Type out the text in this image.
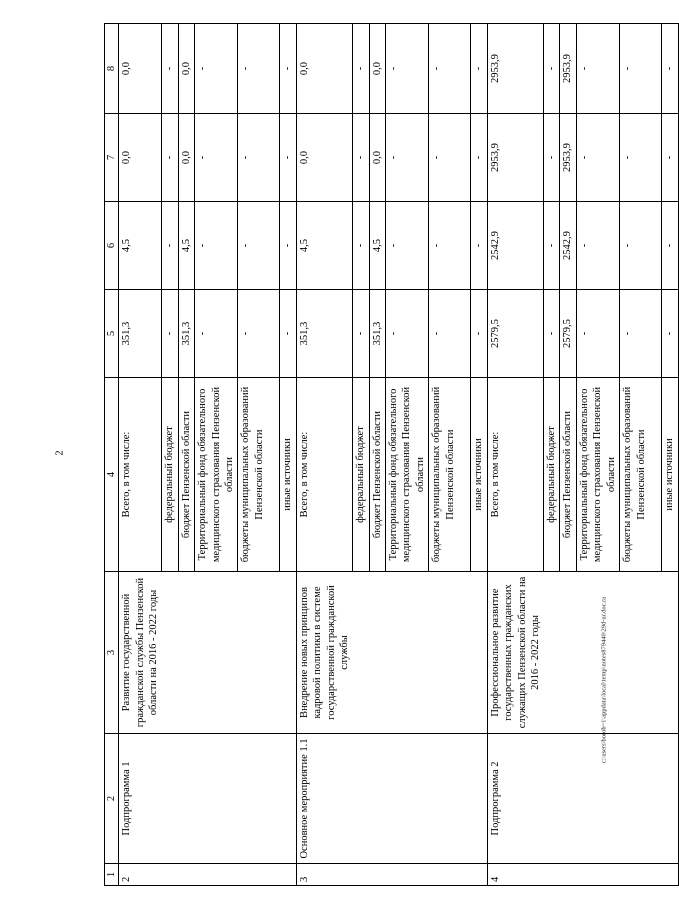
2
1	2	3	4	5	6	7	8
2	Подпрограмма 1	Развитие государственной гражданской службы Пензенской области на 2016 - 2022 годы	Всего, в том числе:	351,3	4,5	0,0	0,0
			федеральный бюджет	-	-	-	-
			бюджет Пензенской области	351,3	4,5	0,0	0,0
			Территориальный фонд обязательного медицинского страхования Пензенской области	-	-	-	-
			бюджеты муниципальных образований Пензенской области	-	-	-	-
			иные источники	-	-	-	-
3	Основное мероприятие 1.1	Внедрение новых принципов кадровой политики в системе государственной гражданской службы	Всего, в том числе:	351,3	4,5	0,0	0,0
			федеральный бюджет	-	-	-	-
			бюджет Пензенской области	351,3	4,5	0,0	0,0
			Территориальный фонд обязательного медицинского страхования Пензенской области	-	-	-	-
			бюджеты муниципальных образований Пензенской области	-	-	-	-
			иные источники	-	-	-	-
4	Подпрограмма 2	Профессиональное развитие государственных гражданских служащих Пензенской области на 2016 - 2022 годы	Всего, в том числе:	2579,5	2542,9	2953,9	2953,9
			федеральный бюджет	-	-	-	-
			бюджет Пензенской области	2579,5	2542,9	2953,9	2953,9
			Территориальный фонд обязательного медицинского страхования Пензенской области	-	-	-	-
			бюджеты муниципальных образований Пензенской области	-	-	-	-
			иные источники	-	-	-	-
c:\users\borob~1\appdata\local\temp\notes879440\29d-ur.doc.ra
